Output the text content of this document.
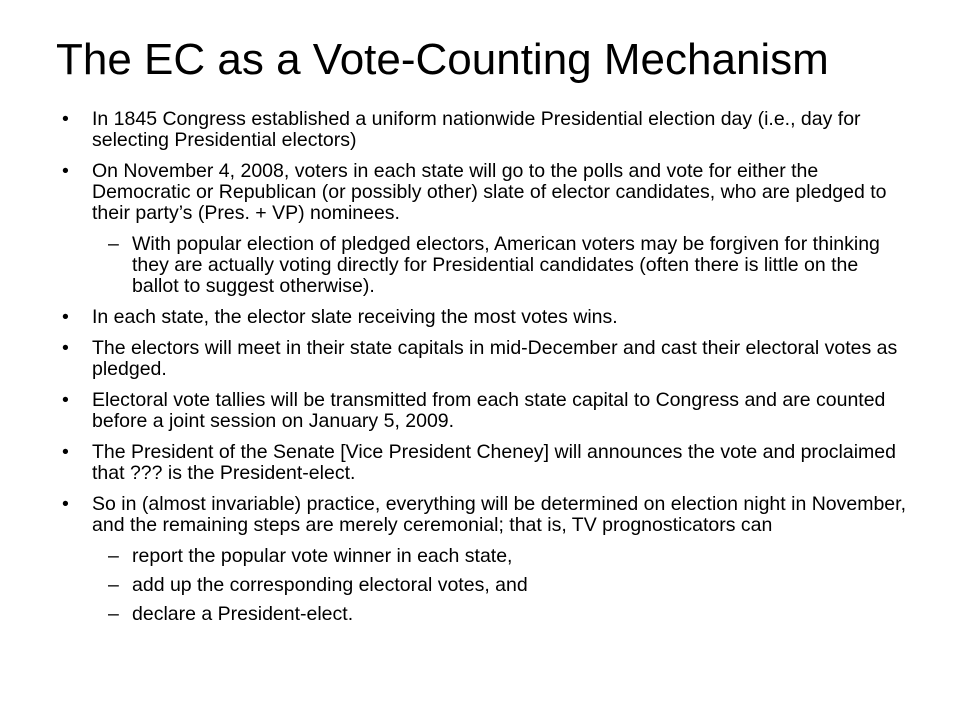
The EC as a Vote-Counting Mechanism
• In 1845 Congress established a uniform nationwide Presidential election day (i.e., day for selecting Presidential electors)
• On November 4, 2008, voters in each state will go to the polls and vote for either the Democratic or Republican (or possibly other) slate of elector candidates, who are pledged to their party’s (Pres. + VP) nominees.
– With popular election of pledged electors, American voters may be forgiven for thinking they are actually voting directly for Presidential candidates (often there is little on the ballot to suggest otherwise).
• In each state, the elector slate receiving the most votes wins.
• The electors will meet in their state capitals in mid-December and cast their electoral votes as pledged.
• Electoral vote tallies will be transmitted from each state capital to Congress and are counted before a joint session on January 5, 2009.
• The President of the Senate [Vice President Cheney] will announces the vote and proclaimed that ??? is the President-elect.
• So in (almost invariable) practice, everything will be determined on election night in November, and the remaining steps are merely ceremonial; that is, TV prognosticators can
– report the popular vote winner in each state,
– add up the corresponding electoral votes, and
– declare a President-elect.
